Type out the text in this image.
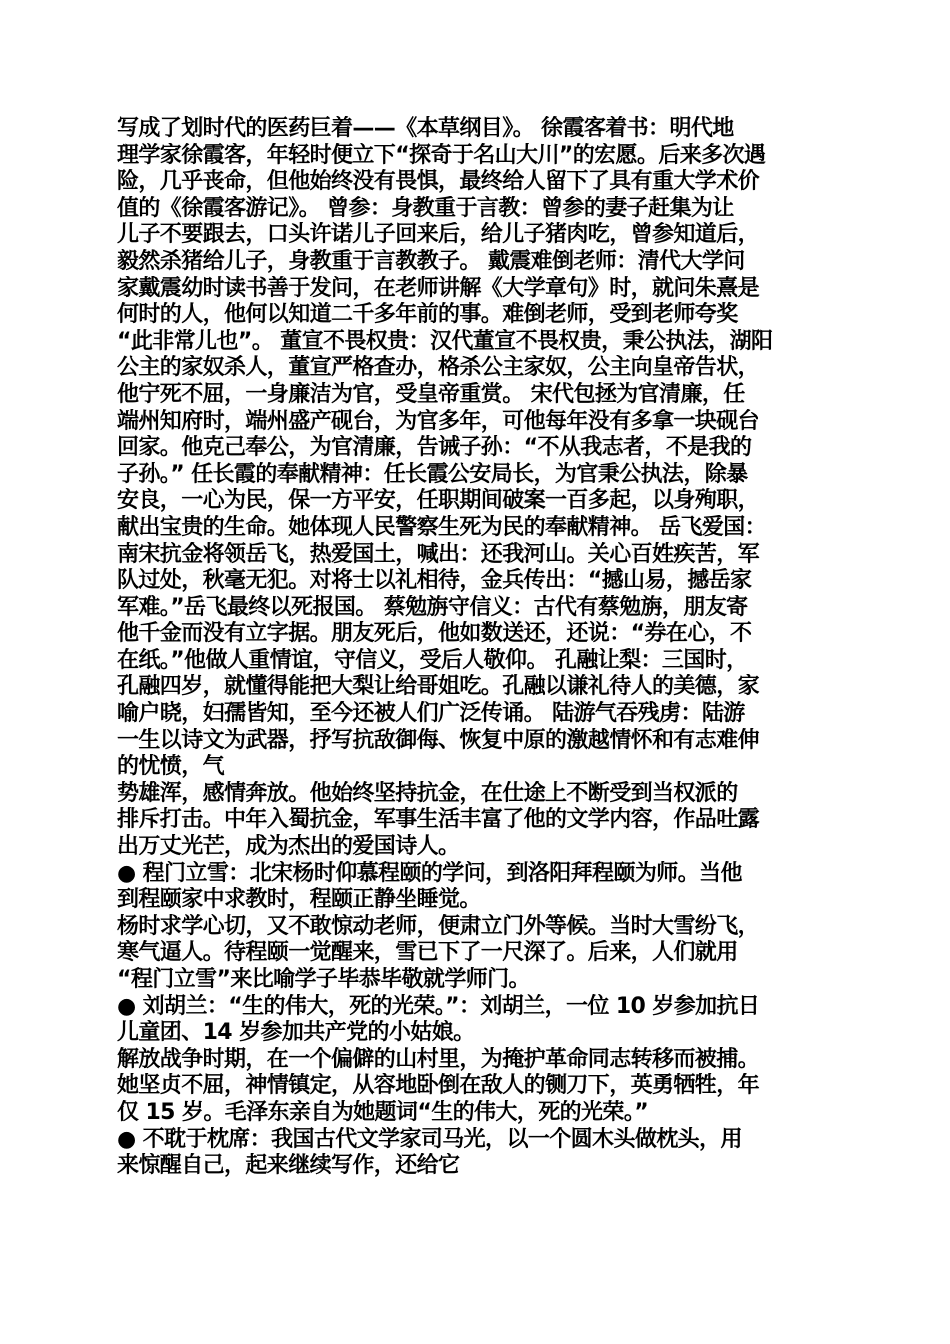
写成了划时代的医药巨着——《本草纲目》。 徐霞客着书：明代地
理学家徐霞客，年轻时便立下“探奇于名山大川”的宏愿。后来多次遇
险，几乎丧命，但他始终没有畏惧，最终给人留下了具有重大学术价
值的《徐霞客游记》。 曾参：身教重于言教：曾参的妻子赶集为让
儿子不要跟去，口头许诺儿子回来后，给儿子猪肉吃，曾参知道后，
毅然杀猪给儿子，身教重于言教教子。 戴震难倒老师：清代大学问
家戴震幼时读书善于发问，在老师讲解《大学章句》时，就问朱熹是
何时的人，他何以知道二千多年前的事。难倒老师，受到老师夸奖
“此非常儿也”。 董宣不畏权贵：汉代董宣不畏权贵，秉公执法，湖阳
公主的家奴杀人，董宣严格查办，格杀公主家奴，公主向皇帝告状，
他宁死不屈，一身廉洁为官，受皇帝重赏。 宋代包拯为官清廉，任
端州知府时，端州盛产砚台，为官多年，可他每年没有多拿一块砚台
回家。他克己奉公，为官清廉，告诫子孙：“不从我志者，不是我的
子孙。” 任长霞的奉献精神：任长霞公安局长，为官秉公执法，除暴
安良，一心为民，保一方平安，任职期间破案一百多起，以身殉职，
献出宝贵的生命。她体现人民警察生死为民的奉献精神。 岳飞爱国：
南宋抗金将领岳飞，热爱国土，喊出：还我河山。关心百姓疾苦，军
队过处，秋毫无犯。对将士以礼相待，金兵传出：“撼山易，撼岳家
军难。”岳飞最终以死报国。 蔡勉旃守信义：古代有蔡勉旃，朋友寄
他千金而没有立字据。朋友死后，他如数送还，还说：“券在心，不
在纸。”他做人重情谊，守信义，受后人敬仰。 孔融让梨：三国时，
孔融四岁，就懂得能把大梨让给哥姐吃。孔融以谦礼待人的美德，家
喻户晓，妇孺皆知，至今还被人们广泛传诵。 陆游气吞残虏：陆游
一生以诗文为武器，抒写抗敌御侮、恢复中原的激越情怀和有志难伸
的忧愤，气
势雄浑，感情奔放。他始终坚持抗金，在仕途上不断受到当权派的
排斥打击。中年入蜀抗金，军事生活丰富了他的文学内容，作品吐露
出万丈光芒，成为杰出的爱国诗人。
● 程门立雪：北宋杨时仰慕程颐的学问，到洛阳拜程颐为师。当他
到程颐家中求教时，程颐正静坐睡觉。
杨时求学心切，又不敢惊动老师，便肃立门外等候。当时大雪纷飞，
寒气逼人。待程颐一觉醒来，雪已下了一尺深了。后来，人们就用
“程门立雪”来比喻学子毕恭毕敬就学师门。
● 刘胡兰：“生的伟大，死的光荣。”：刘胡兰，一位 10 岁参加抗日
儿童团、14 岁参加共产党的小姑娘。
解放战争时期，在一个偏僻的山村里，为掩护革命同志转移而被捕。
她坚贞不屈，神情镇定，从容地卧倒在敌人的铡刀下，英勇牺牲，年
仅 15 岁。毛泽东亲自为她题词“生的伟大，死的光荣。”
● 不耽于枕席：我国古代文学家司马光，以一个圆木头做枕头，用
来惊醒自己，起来继续写作，还给它
